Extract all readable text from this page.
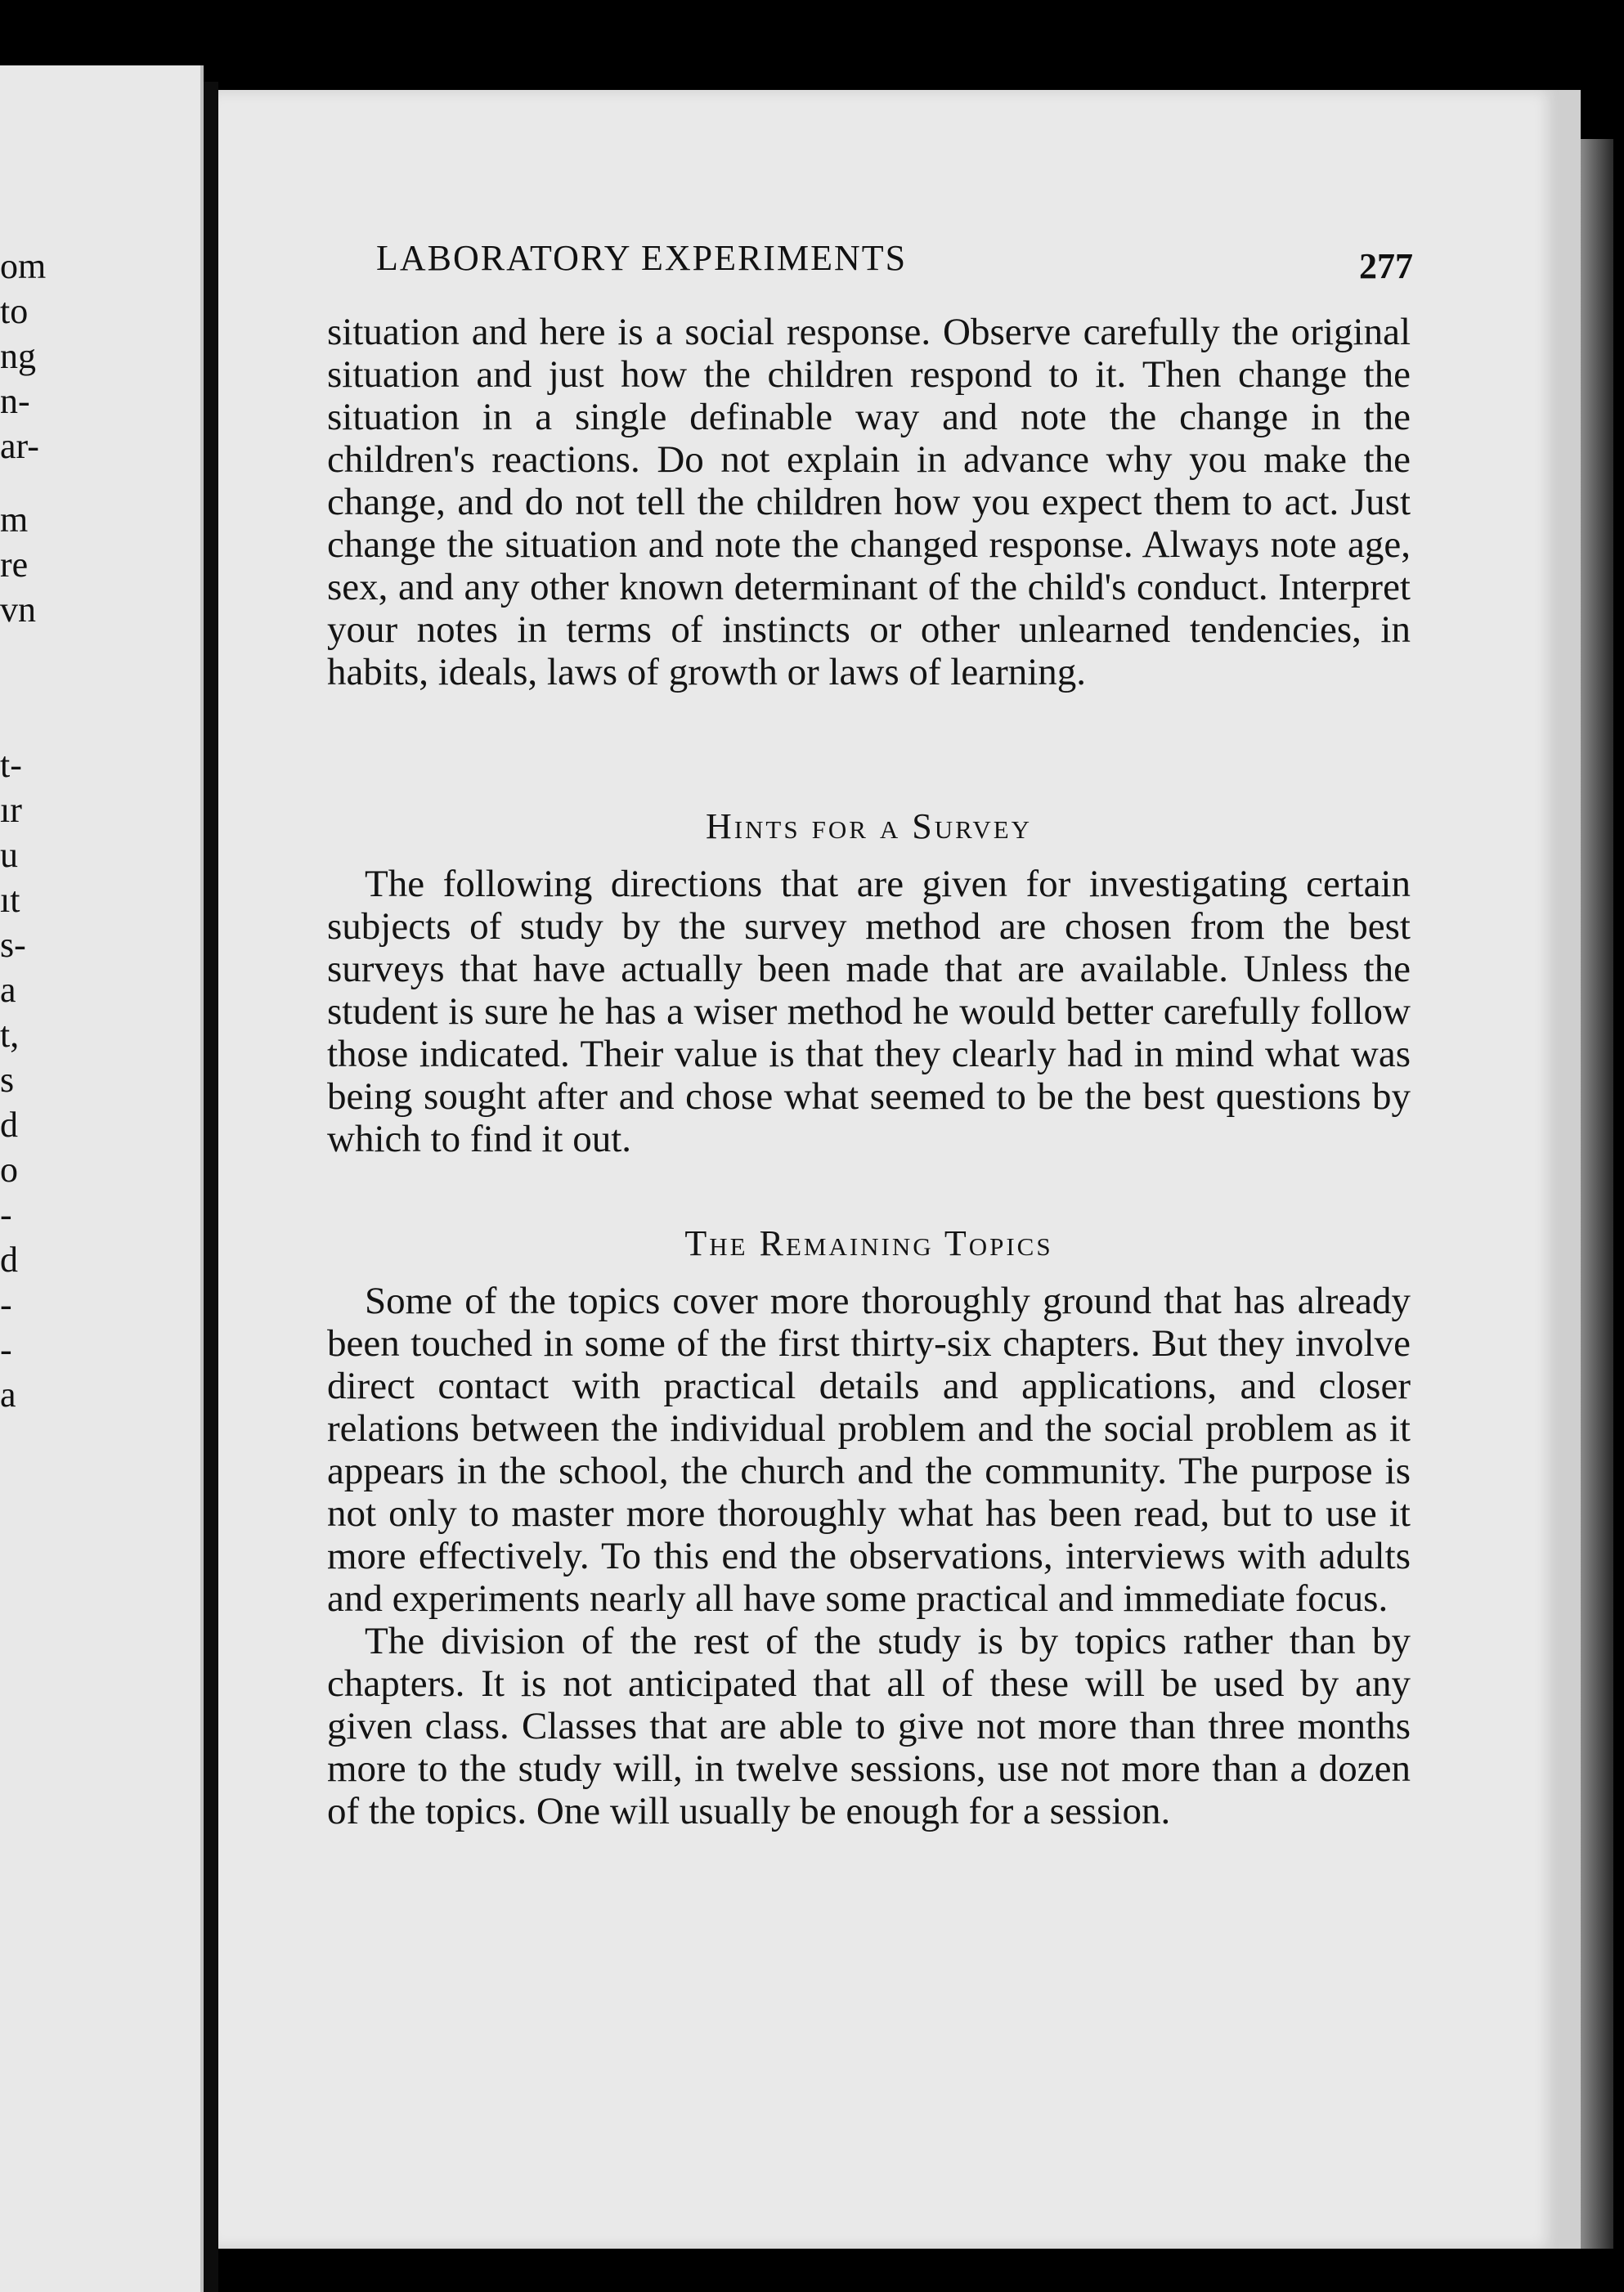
om
to
ng
n-
ar-
m
re
vn
t-
ır
u
ıt
s-
a
t,
s
d
o
-
d
-
-
a
LABORATORY EXPERIMENTS	277

situation and here is a social response. Observe carefully the original situation and just how the children respond to it. Then change the situation in a single definable way and note the change in the children's reactions. Do not explain in advance why you make the change, and do not tell the children how you expect them to act. Just change the situation and note the changed response. Always note age, sex, and any other known determinant of the child's conduct. Interpret your notes in terms of instincts or other unlearned tendencies, in habits, ideals, laws of growth or laws of learning.

Hints for a Survey

The following directions that are given for investigating certain subjects of study by the survey method are chosen from the best surveys that have actually been made that are available. Unless the student is sure he has a wiser method he would better carefully follow those indicated. Their value is that they clearly had in mind what was being sought after and chose what seemed to be the best questions by which to find it out.

The Remaining Topics

Some of the topics cover more thoroughly ground that has already been touched in some of the first thirty-six chapters. But they involve direct contact with practical details and applications, and closer relations between the individual problem and the social problem as it appears in the school, the church and the community. The purpose is not only to master more thoroughly what has been read, but to use it more effectively. To this end the observations, interviews with adults and experiments nearly all have some practical and immediate focus.

The division of the rest of the study is by topics rather than by chapters. It is not anticipated that all of these will be used by any given class. Classes that are able to give not more than three months more to the study will, in twelve sessions, use not more than a dozen of the topics. One will usually be enough for a session.
